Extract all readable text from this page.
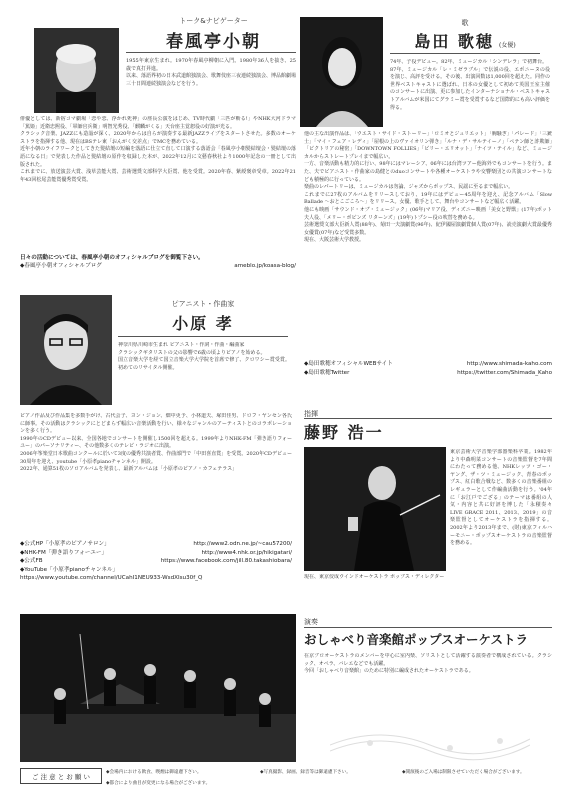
トーク&ナビゲーター
春風亭小朝

1955年東京生まれ。1970年春風亭柳朝に入門。1980年36人を抜き、25歳で真打昇進。

以来、落語界初の日本武道館独演会、歌舞伎座三夜連続独演会、博品館劇場三十日間連続独演会などを行う。

俳優としては、新宿コマ劇場「恋や恋、浮かれ死神」の座長公演をはじめ、TV時代劇「三匹が斬る!」やNHK大河ドラマ「篤姫」近衛忠熙役、「軍師官兵衛」明智光秀役、「麒麟がくる」天台座主覚恕役の好演が光る。

クラシック音楽、JAZZにも造詣が深く、2020年からは自らが演奏する最新JAZZライブをスタートさせた。多数のオーケストラを指揮する他、現在はBSテレ東「おんがく交差点」でMCを務めている。

近年小朝のライフワークとしてきた髪結壇の短編を落語に仕立て直して口演する落語会「春風亭小朝髪結壇会・髪結壇の落語になる日」で発表した作品と髪結壇の原作を収録した本が、2022年12月に文藝春秋社より1000年記念の一冊として出版された。

これまでに、放送演芸大賞、浅草芸能大賞、芸術選奨文部科学大臣賞、他を受賞。2020年春、紫綬褒章受章。2022年21年43回松尾芸能賞優秀賞受賞。

日々の活動については、春風亭小朝のオフィシャルブログを御覧下さい。
◆春風亭小朝オフィシャルブログ	ameblo.jp/koasa-blog/
歌
島田 歌穂 (女優)

74年、子役デビュー。82年、ミュージカル「シンデレラ」で初舞台。

87年、ミュージカル「レ・ミゼラブル」で伝説の役、エポニーヌの役を演じ、高評を受ける。その後、出演回数は1,000回を超えた。同作の世界ベストキャストに選ばれ、日本の女優として初めて英国王室主催のコンサートに出演、更に参加したインターナショナル・ベストキャストアルバムが米国にてグラミー賞を受賞するなど国際的にも高い評価を得る。

他の主な出演作品は、「ウエスト・サイド・ストーリー」「ロミオとジュリエット」「胸騒ぎ」「パレード」「三銃士」「マイ・フェア・レディ」「屋根の上のヴァイオリン弾き」「ルナ・デ・サルテイーノ」「ペテン師と詐欺師」「ビクトリアの秘密」「DOWNTOWN FOLLIES」「ビリー・エリオット」「ナイツ・テイル」など、ミュージカルからストレートプレイまで幅広い。

一方、音楽活動も精力的に行い、98年にはマレーシア、06年には台湾ツアー他海外でもコンサートを行う。また、夫でピアニスト・作曲家の島健とのduoコンサートや各種オーケストラや交響楽団との共演コンサートなども積極的に行っている。

楽曲のレパートリーは、ミュージカルは勿論、ジャズからポップス、民謡に至るまで幅広い。

これまでに27枚のアルバムをリリースしており、19年にはデビュー45周年を迎え、記念アルバム「Slow Ballade ～おとこごころ～」をリリース。女優、歌手として、舞台やコンサートなど幅広く活躍。

他にも映画「サウンド・オブ・ミュージック」(06年)マリア役、ディズニー映画「美女と野獣」(17年)ポット夫人役、「メリー・ポピンズ リターンズ」(19年)トプシー役の吹替を務める。

芸術選奨文部大臣新人賞(88年)、菊田一夫演劇賞(96年)、紀伊國屋演劇賞個人賞(07年)、読売演劇大賞最優秀女優賞(07年)など受賞多数。

現在、大阪芸術大学教授。

◆島田歌穂オフィシャルWEBサイト	http://www.shimada-kaho.com
◆島田歌穂Twitter	https://twitter.com/Shimada_Kaho
ピアニスト・作曲家
小原 孝

神奈川県川崎市生まれ ピアニスト・作詞・作曲・編曲家

クラシックギタリストの父の影響で6歳の頃よりピアノを始める。

国立音楽大学を経て国立音楽大学大学院を首席で修了、クロワシー賞受賞。初めてのリサイタル開催。

ピアノ作品及び作品集を多数手がけ、古代会子、ヨン・ジョン、畑中更予、小林道夫、塚田佳男、ドロフ・ヤンセン各氏に師事。その活動はクラシックにとどまらず幅広い音楽活動を行い、様々なジャンルのアーティストとのコラボレーションを多く行う。

1990年のCDデビュー以来、全国各地でコンサートを開催し1500回を超える。1999年よりNHK-FM「弾き語りフォーユー」のパーソナリティー、その他数多くのテレビ・ラジオに出演。

2006年筝楽堂日本歌曲コンクールに於いて3度の優秀共演者賞、作曲部門で「中田喜直賞」を受賞。2020年CDデビュー30周年を迎え、youtube「小原孝pianoチャンネル」開設。

2022年、通算51枚のソロアルバムを発表し、最新アルバムは「小原孝のピアノ・カフェテラス」

◆公式HP「小原孝のピアノサロン」	http://www2.odn.ne.jp/~cau57200/
◆NHK-FM「弾き語りフォーユー」	http://www4.nhk.or.jp/hikigatari/
◆公式FB	https://www.facebook.com/jill.80.takashiobara/
◆YouTube「小原孝pianoチャンネル」
https://www.youtube.com/channel/UCahI1NEU933-WsdXIsu30f_Q
指揮
藤野 浩一

東京芸術大学音楽学部器楽科卒業。1982年より中森明菜コンサートの音楽監督を7年間にわたって務める他、NHKレッツ・ゴー・ヤング、ザ・ツ・ミュージック、青春のポップス、紅白歌合戦など、数多くの音楽番組のレギュラーとして作編曲活動を行う。'04年に「お江戸でござる」のテーマは番組の人気・内容と共に好評を博した「永積奏々 LIVE GRACE 2011、2013、2019」の音楽監督としてオーケストラを指揮する。2002年より2013年まで、(財)東京フィルハーモニー・ポップスオーケストラの音楽監督を務める。

現在、東京佼成ウインドオーケストラ ポップス・ディレクター

演奏
おしゃべり音楽館ポップスオーケストラ

在京プロオーケストラのメンバーを中心に室内楽、ソリストとして活躍する演奏者で構成されている。クラシック、オペラ、バレエなどでも活躍。

今回「おしゃべり音楽館」のために特別に編成されたオーケストラである。

ご 注 意 と お 願 い	◆会場内における飲食、喫煙は御遠慮下さい。	◆写真撮影、録画、録音等は御遠慮下さい。	◆開演後のご入場は制限させていただく場合がございます。
◆都合により曲目が変更になる場合がございます。
